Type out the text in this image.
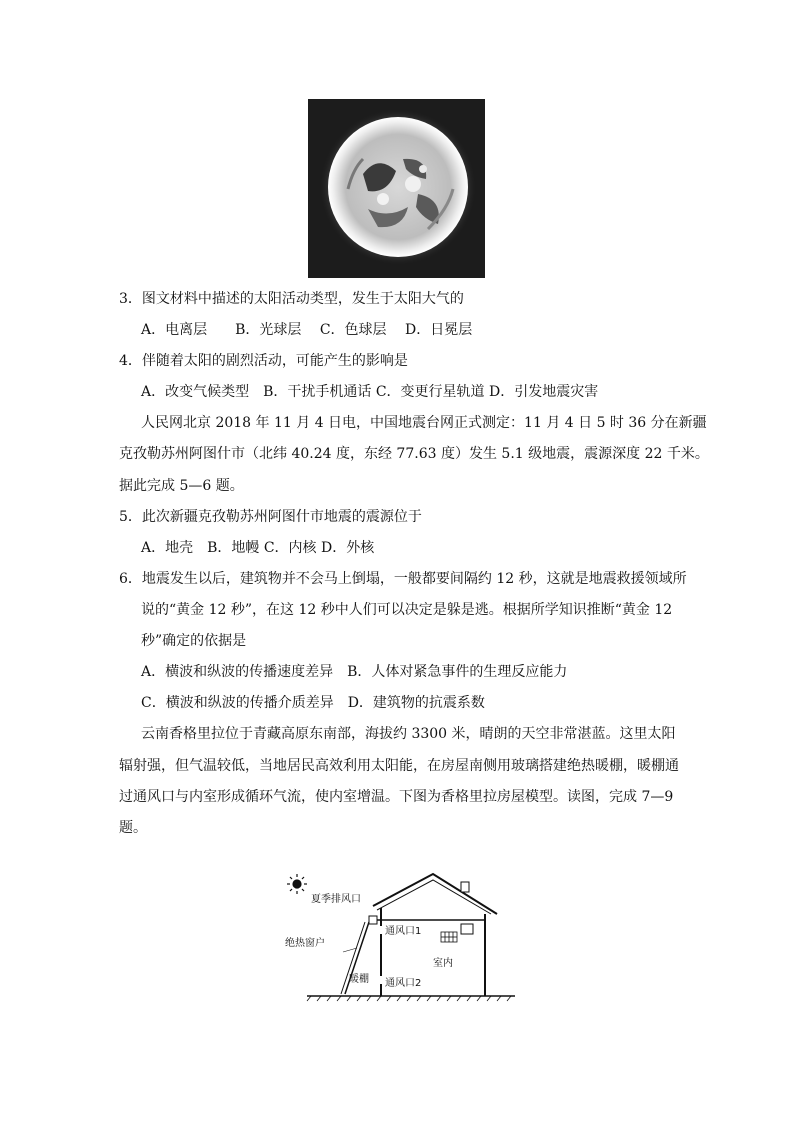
3．图文材料中描述的太阳活动类型，发生于太阳大气的
A．电离层　　B．光球层　 C．色球层　 D．日冕层
4．伴随着太阳的剧烈活动，可能产生的影响是
A．改变气候类型　B．干扰手机通话 C．变更行星轨道 D．引发地震灾害
人民网北京 2018 年 11 月 4 日电，中国地震台网正式测定：11 月 4 日 5 时 36 分在新疆
克孜勒苏州阿图什市（北纬 40.24 度，东经 77.63 度）发生 5.1 级地震，震源深度 22 千米。
据此完成 5—6 题。
5．此次新疆克孜勒苏州阿图什市地震的震源位于
A．地壳　B．地幔 C．内核 D．外核
6．地震发生以后，建筑物并不会马上倒塌，一般都要间隔约 12 秒，这就是地震救援领域所
说的“黄金 12 秒”，在这 12 秒中人们可以决定是躲是逃。根据所学知识推断“黄金 12
秒”确定的依据是
A．横波和纵波的传播速度差异　B．人体对紧急事件的生理反应能力
C．横波和纵波的传播介质差异　D．建筑物的抗震系数
云南香格里拉位于青藏高原东南部，海拔约 3300 米，晴朗的天空非常湛蓝。这里太阳
辐射强，但气温较低，当地居民高效利用太阳能，在房屋南侧用玻璃搭建绝热暖棚，暖棚通
过通风口与内室形成循环气流，使内室增温。下图为香格里拉房屋模型。读图，完成 7—9
题。
夏季排风口
绝热窗户
通风口1
通风口2
暖棚
室内
